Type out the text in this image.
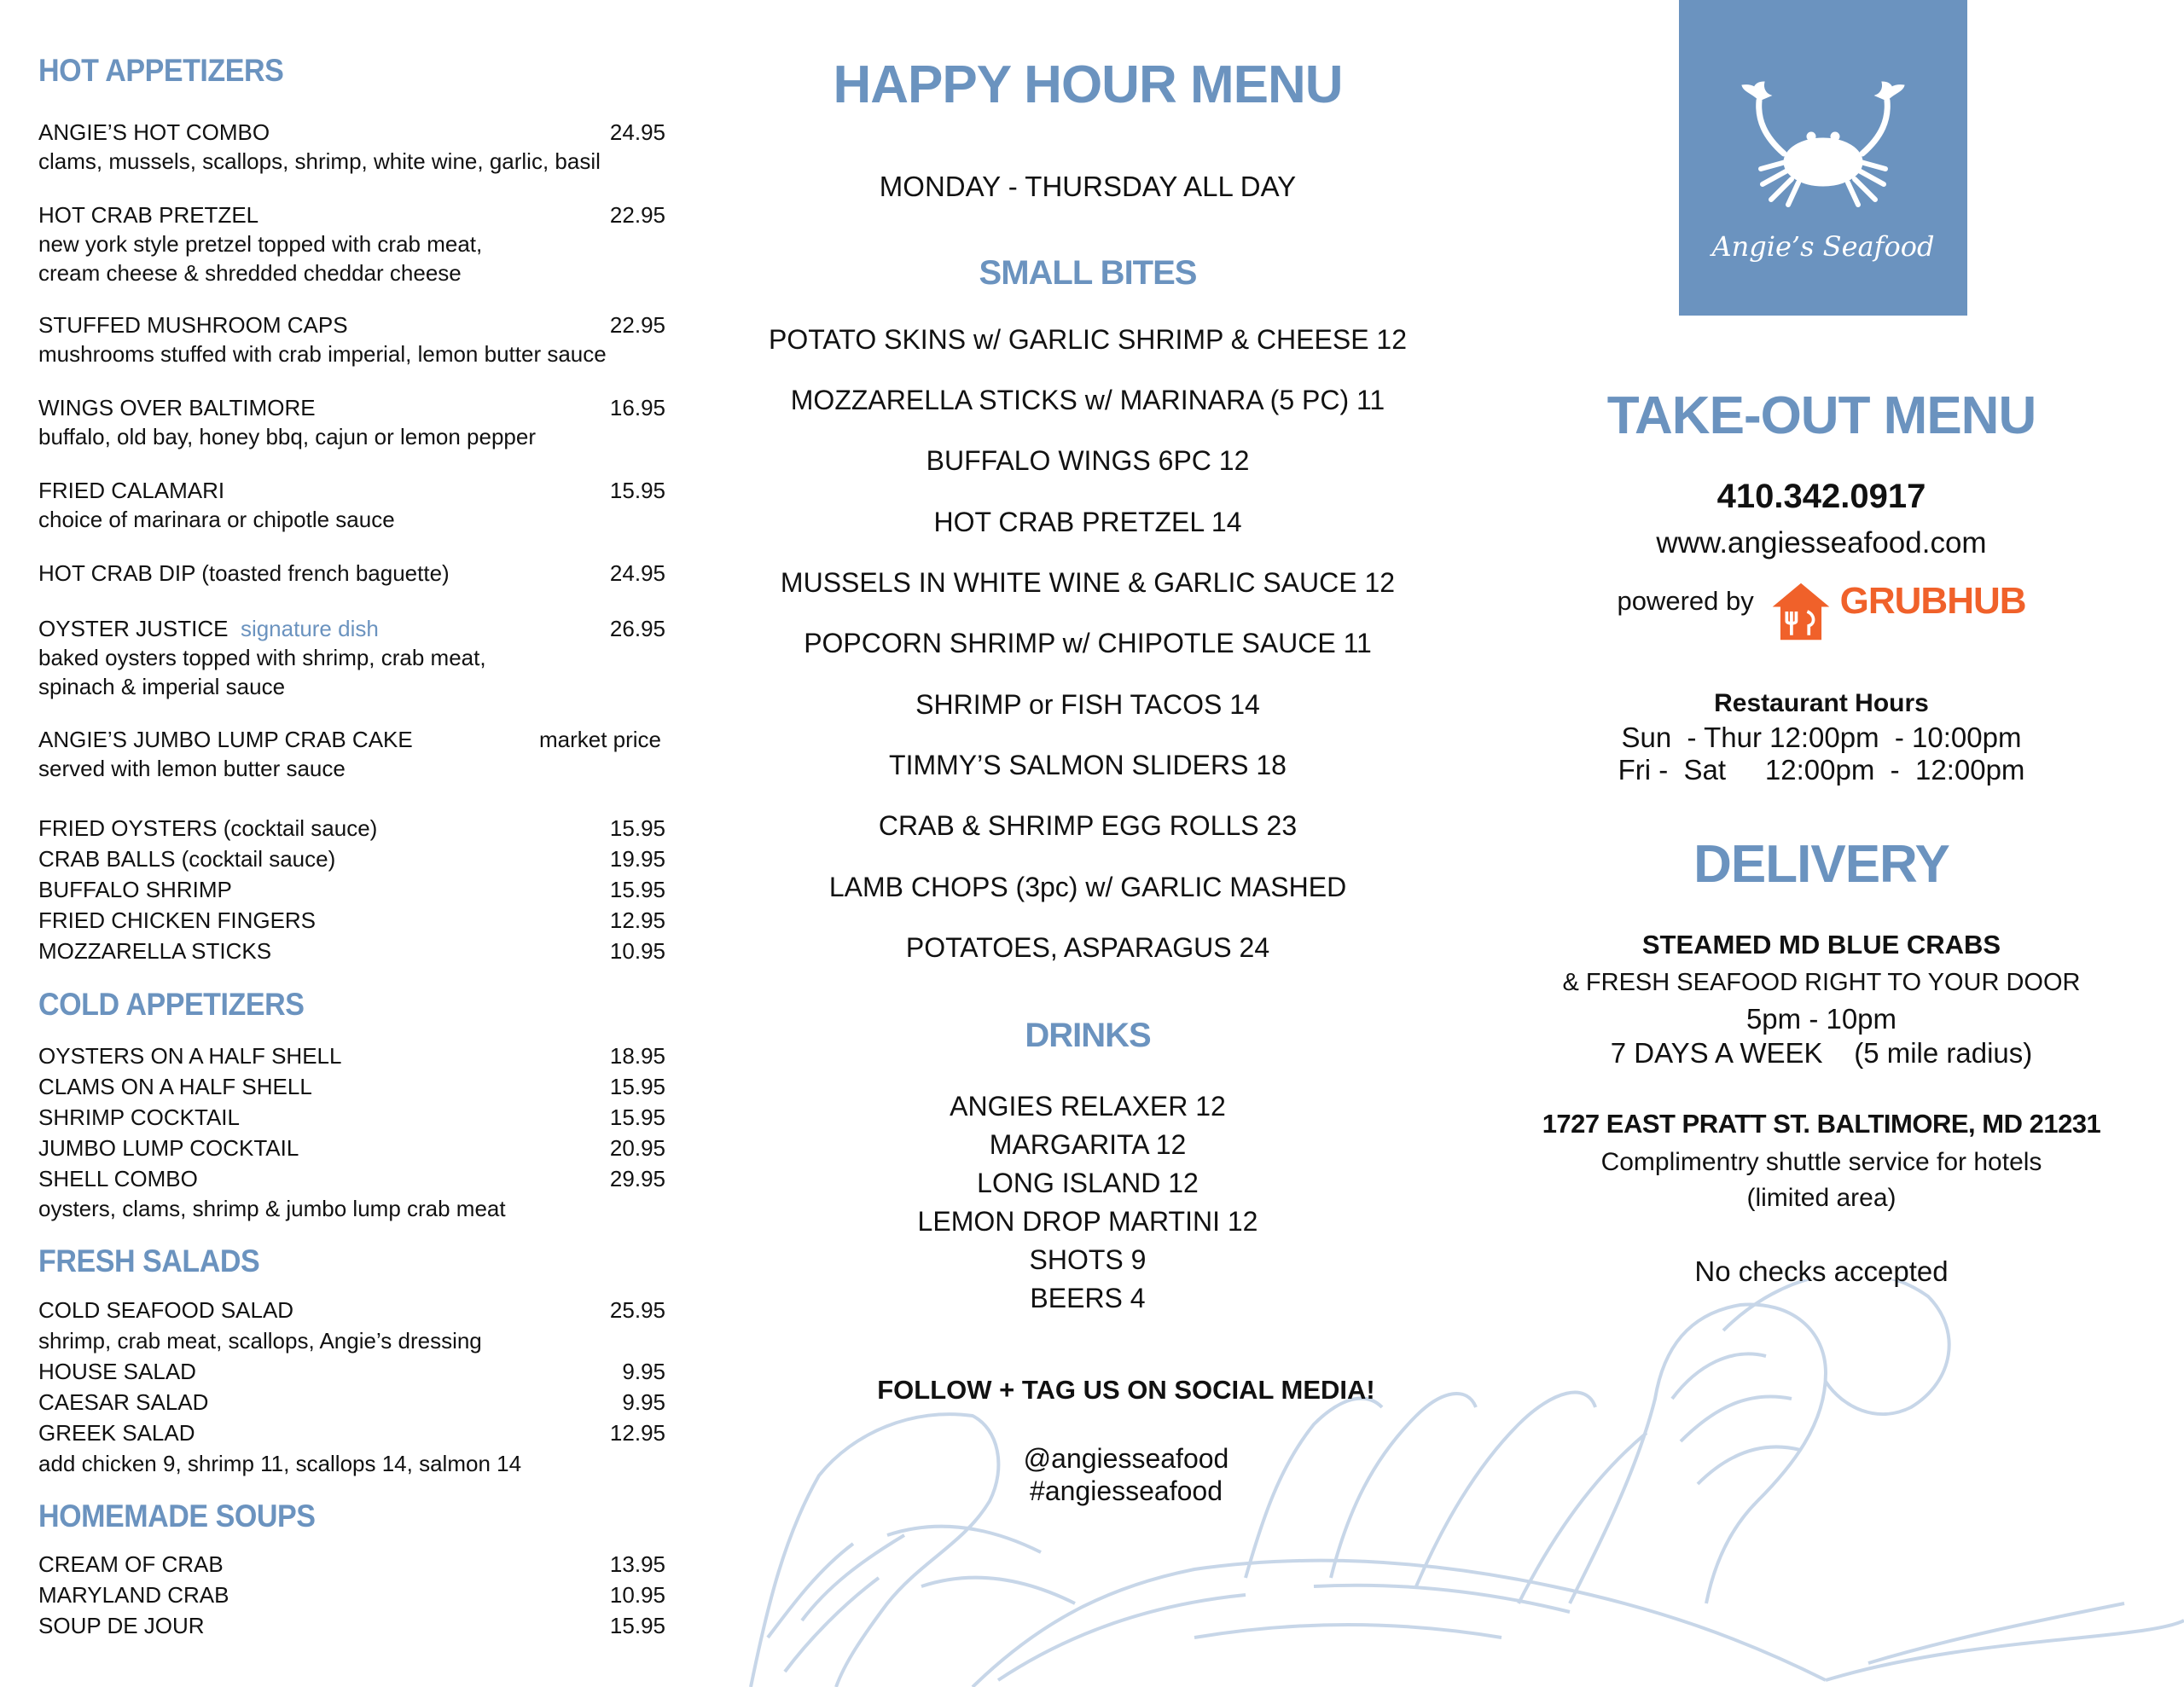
HOT APPETIZERS
ANGIE’S HOT COMBO	24.95
clams, mussels, scallops, shrimp, white wine, garlic, basil
HOT CRAB PRETZEL	22.95
new york style pretzel topped with crab meat,
cream cheese & shredded cheddar cheese
STUFFED MUSHROOM CAPS	22.95
mushrooms stuffed with crab imperial, lemon butter sauce
WINGS OVER BALTIMORE	16.95
buffalo, old bay, honey bbq, cajun or lemon pepper
FRIED CALAMARI	15.95
choice of marinara or chipotle sauce
HOT CRAB DIP (toasted french baguette)	24.95
OYSTER JUSTICE signature dish	26.95
baked oysters topped with shrimp, crab meat,
spinach & imperial sauce
ANGIE’S JUMBO LUMP CRAB CAKE	market price
served with lemon butter sauce
FRIED OYSTERS (cocktail sauce)	15.95
CRAB BALLS (cocktail sauce)	19.95
BUFFALO SHRIMP	15.95
FRIED CHICKEN FINGERS	12.95
MOZZARELLA STICKS	10.95
COLD APPETIZERS
OYSTERS ON A HALF SHELL	18.95
CLAMS ON A HALF SHELL	15.95
SHRIMP COCKTAIL	15.95
JUMBO LUMP COCKTAIL	20.95
SHELL COMBO	29.95
oysters, clams, shrimp & jumbo lump crab meat
FRESH SALADS
COLD SEAFOOD SALAD	25.95
shrimp, crab meat, scallops, Angie’s dressing
HOUSE SALAD	9.95
CAESAR SALAD	9.95
GREEK SALAD	12.95
add chicken 9, shrimp 11, scallops 14, salmon 14
HOMEMADE SOUPS
CREAM OF CRAB	13.95
MARYLAND CRAB	10.95
SOUP DE JOUR	15.95
HAPPY HOUR MENU
MONDAY - THURSDAY ALL DAY
SMALL BITES
POTATO SKINS w/ GARLIC SHRIMP & CHEESE 12
MOZZARELLA STICKS w/ MARINARA (5 PC) 11
BUFFALO WINGS 6PC 12
HOT CRAB PRETZEL 14
MUSSELS IN WHITE WINE & GARLIC SAUCE 12
POPCORN SHRIMP w/ CHIPOTLE SAUCE 11
SHRIMP or FISH TACOS 14
TIMMY’S SALMON SLIDERS 18
CRAB & SHRIMP EGG ROLLS 23
LAMB CHOPS (3pc) w/ GARLIC MASHED
POTATOES, ASPARAGUS 24
DRINKS
ANGIES RELAXER 12
MARGARITA 12
LONG ISLAND 12
LEMON DROP MARTINI 12
SHOTS 9
BEERS 4
FOLLOW + TAG US ON SOCIAL MEDIA!
@angiesseafood
#angiesseafood
Angie’s Seafood
TAKE-OUT MENU
410.342.0917
www.angiesseafood.com
powered by GRUBHUB
Restaurant Hours
Sun  - Thur 12:00pm  - 10:00pm
Fri -  Sat     12:00pm  -  12:00pm
DELIVERY
STEAMED MD BLUE CRABS
& FRESH SEAFOOD RIGHT TO YOUR DOOR
5pm - 10pm
7 DAYS A WEEK    (5 mile radius)
1727 EAST PRATT ST. BALTIMORE, MD 21231
Complimentry shuttle service for hotels
(limited area)
No checks accepted
